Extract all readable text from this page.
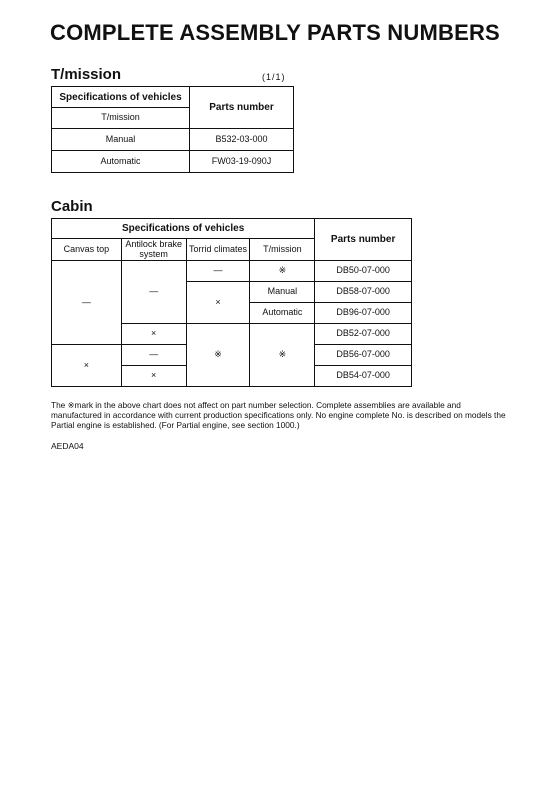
COMPLETE ASSEMBLY PARTS NUMBERS
T/mission	(1/1)
Specifications of vehicles	Parts number
T/mission	
Manual	B532-03-000
Automatic	FW03-19-090J
Cabin
Specifications of vehicles				Parts number
Canvas top	Antilock brake system	Torrid climates	T/mission	
—	—	—	※	DB50-07-000
		×	Manual	DB58-07-000
			Automatic	DB96-07-000
	×	※	※	DB52-07-000
×	—			DB56-07-000
	×			DB54-07-000

The ※mark in the above chart does not affect on part number selection. Complete assemblies are available and manufactured in accordance with current production specifications only. No engine complete No. is described on models the Partial engine is established. (For Partial engine, see section 1000.)

AEDA04
